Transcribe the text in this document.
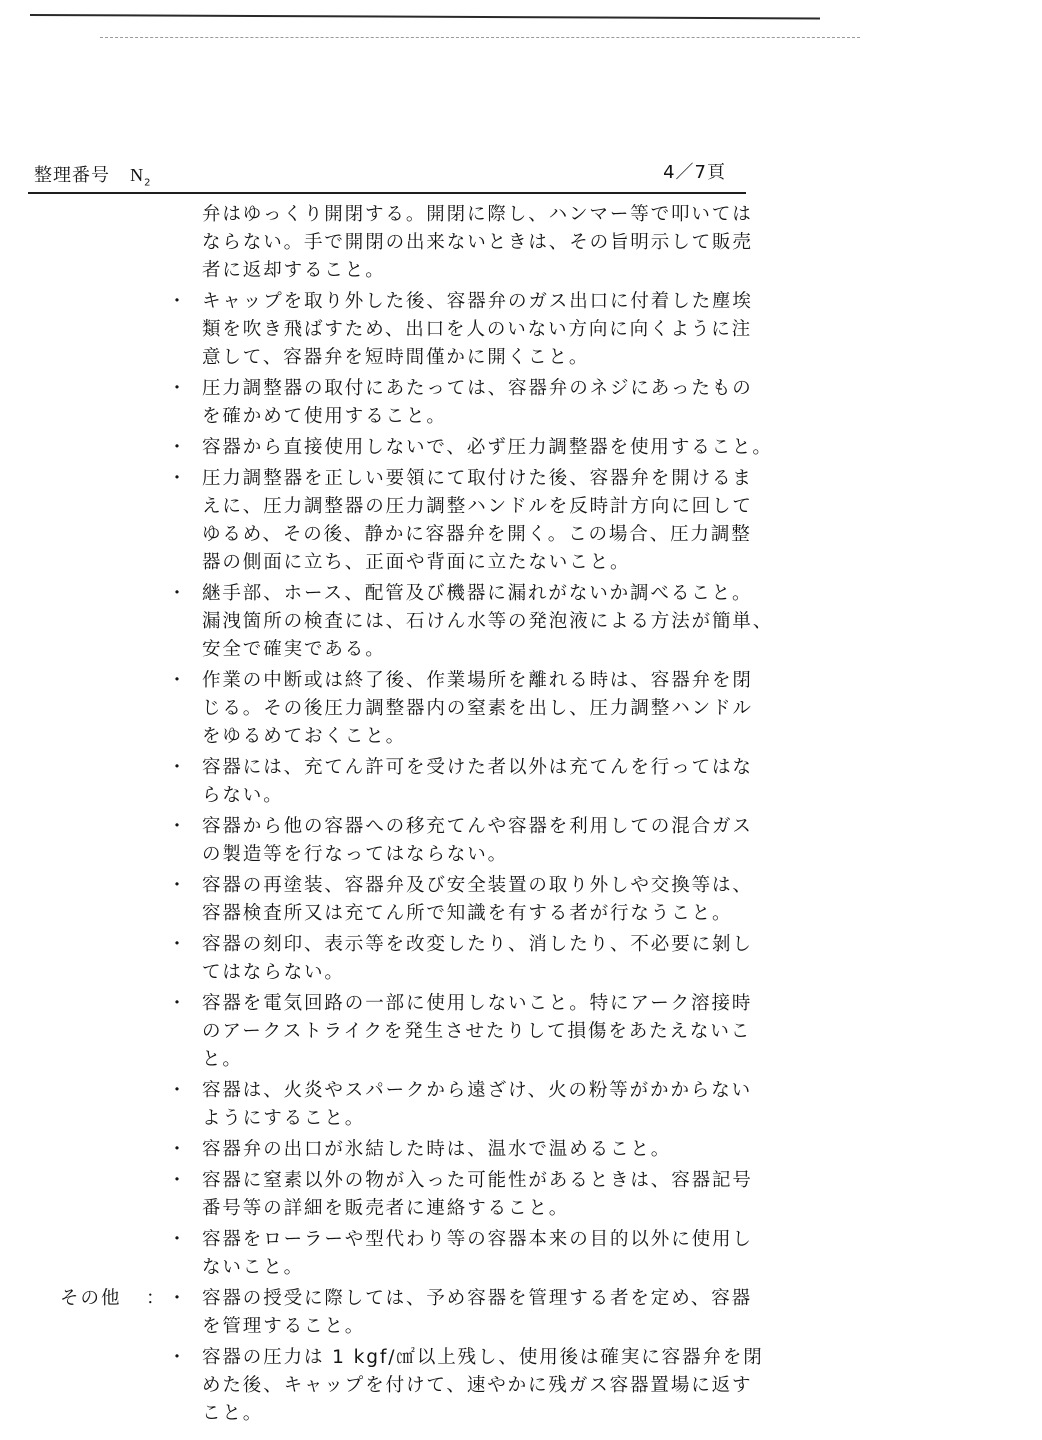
整理番号 $N_2$
4／7頁
弁はゆっくり開閉する。開閉に際し、ハンマー等で叩いては
ならない。手で開閉の出来ないときは、その旨明示して販売
者に返却すること。
・ キャップを取り外した後、容器弁のガス出口に付着した塵埃
類を吹き飛ばすため、出口を人のいない方向に向くように注
意して、容器弁を短時間僅かに開くこと。
・ 圧力調整器の取付にあたっては、容器弁のネジにあったもの
を確かめて使用すること。
・ 容器から直接使用しないで、必ず圧力調整器を使用すること。
・ 圧力調整器を正しい要領にて取付けた後、容器弁を開けるま
えに、圧力調整器の圧力調整ハンドルを反時計方向に回して
ゆるめ、その後、静かに容器弁を開く。この場合、圧力調整
器の側面に立ち、正面や背面に立たないこと。
・ 継手部、ホース、配管及び機器に漏れがないか調べること。
漏洩箇所の検査には、石けん水等の発泡液による方法が簡単、
安全で確実である。
・ 作業の中断或は終了後、作業場所を離れる時は、容器弁を閉
じる。その後圧力調整器内の窒素を出し、圧力調整ハンドル
をゆるめておくこと。
・ 容器には、充てん許可を受けた者以外は充てんを行ってはな
らない。
・ 容器から他の容器への移充てんや容器を利用しての混合ガス
の製造等を行なってはならない。
・ 容器の再塗装、容器弁及び安全装置の取り外しや交換等は、
容器検査所又は充てん所で知識を有する者が行なうこと。
・ 容器の刻印、表示等を改変したり、消したり、不必要に剝し
てはならない。
・ 容器を電気回路の一部に使用しないこと。特にアーク溶接時
のアークストライクを発生させたりして損傷をあたえないこ
と。
・ 容器は、火炎やスパークから遠ざけ、火の粉等がかからない
ようにすること。
・ 容器弁の出口が氷結した時は、温水で温めること。
・ 容器に窒素以外の物が入った可能性があるときは、容器記号
番号等の詳細を販売者に連絡すること。
・ 容器をローラーや型代わり等の容器本来の目的以外に使用し
ないこと。
その他 ： ・ 容器の授受に際しては、予め容器を管理する者を定め、容器
を管理すること。
・ 容器の圧力は 1 kgf/㎠以上残し、使用後は確実に容器弁を閉
めた後、キャップを付けて、速やかに残ガス容器置場に返す
こと。
